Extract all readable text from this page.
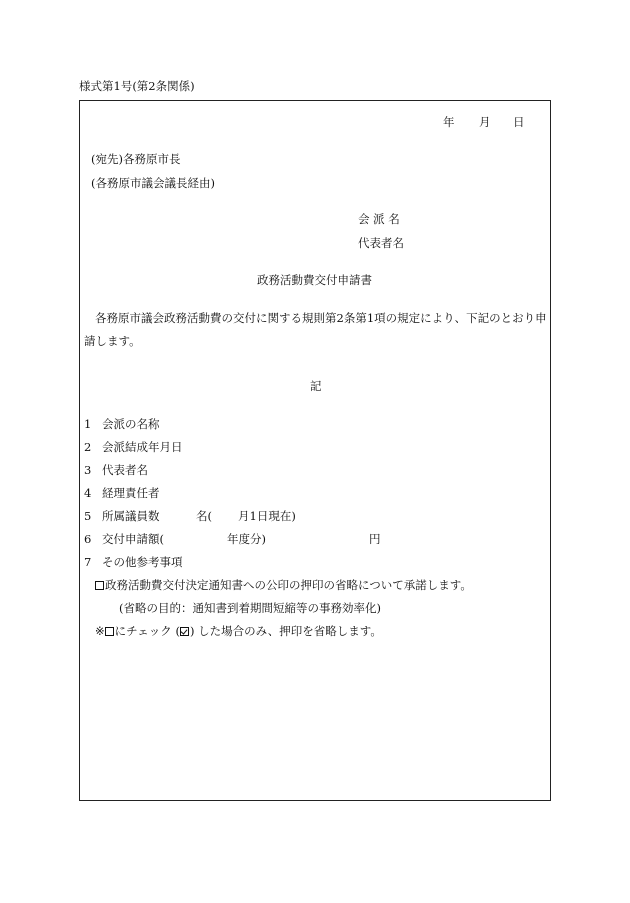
様式第1号(第2条関係)
年 月 日
(宛先)各務原市長
(各務原市議会議長経由)
会 派 名
代表者名
政務活動費交付申請書
各務原市議会政務活動費の交付に関する規則第2条第1項の規定により、下記のとおり申
請します。
記
1 会派の名称
2 会派結成年月日
3 代表者名
4 経理責任者
5 所属議員数	名( 月1日現在)
6 交付申請額(	年度分)	円
7 その他参考事項
政務活動費交付決定通知書への公印の押印の省略について承諾します。
(省略の目的：通知書到着期間短縮等の事務効率化)
※ にチェック ( ) した場合のみ、押印を省略します。
